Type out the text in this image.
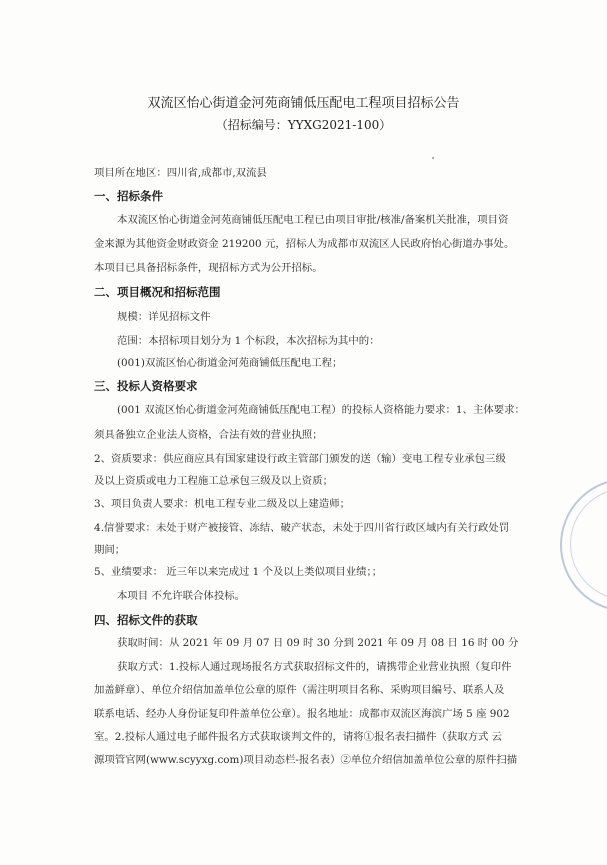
双流区怡心街道金河苑商铺低压配电工程项目招标公告
（招标编号：YYXG2021-100）
项目所在地区：四川省,成都市,双流县
一、招标条件
本双流区怡心街道金河苑商铺低压配电工程已由项目审批/核准/备案机关批准，项目资
金来源为其他资金财政资金 219200 元，招标人为成都市双流区人民政府怡心街道办事处。
本项目已具备招标条件，现招标方式为公开招标。
二、项目概况和招标范围
规模：详见招标文件
范围：本招标项目划分为 1 个标段，本次招标为其中的：
(001)双流区怡心街道金河苑商铺低压配电工程；
三、投标人资格要求
(001 双流区怡心街道金河苑商铺低压配电工程）的投标人资格能力要求：1、主体要求：
须具备独立企业法人资格，合法有效的营业执照；
2、资质要求：供应商应具有国家建设行政主管部门颁发的送（输）变电工程专业承包三级
及以上资质或电力工程施工总承包三级及以上资质；
3、项目负责人要求：机电工程专业二级及以上建造师；
4.信誉要求：未处于财产被接管、冻结、破产状态，未处于四川省行政区域内有关行政处罚
期间；
5、业绩要求： 近三年以来完成过 1 个及以上类似项目业绩；；
本项目 不允许联合体投标。
四、招标文件的获取
获取时间：从 2021 年 09 月 07 日 09 时 30 分到 2021 年 09 月 08 日 16 时 00 分
获取方式：1.投标人通过现场报名方式获取招标文件的，请携带企业营业执照（复印件
加盖鲜章）、单位介绍信加盖单位公章的原件（需注明项目名称、采购项目编号、联系人及
联系电话、经办人身份证复印件盖单位公章）。报名地址：成都市双流区海滨广场 5 座 902
室。2.投标人通过电子邮件报名方式获取谈判文件的，请将①报名表扫描件（获取方式 云
源项管官网(www.scyyxg.com)项目动态栏-报名表）②单位介绍信加盖单位公章的原件扫描
